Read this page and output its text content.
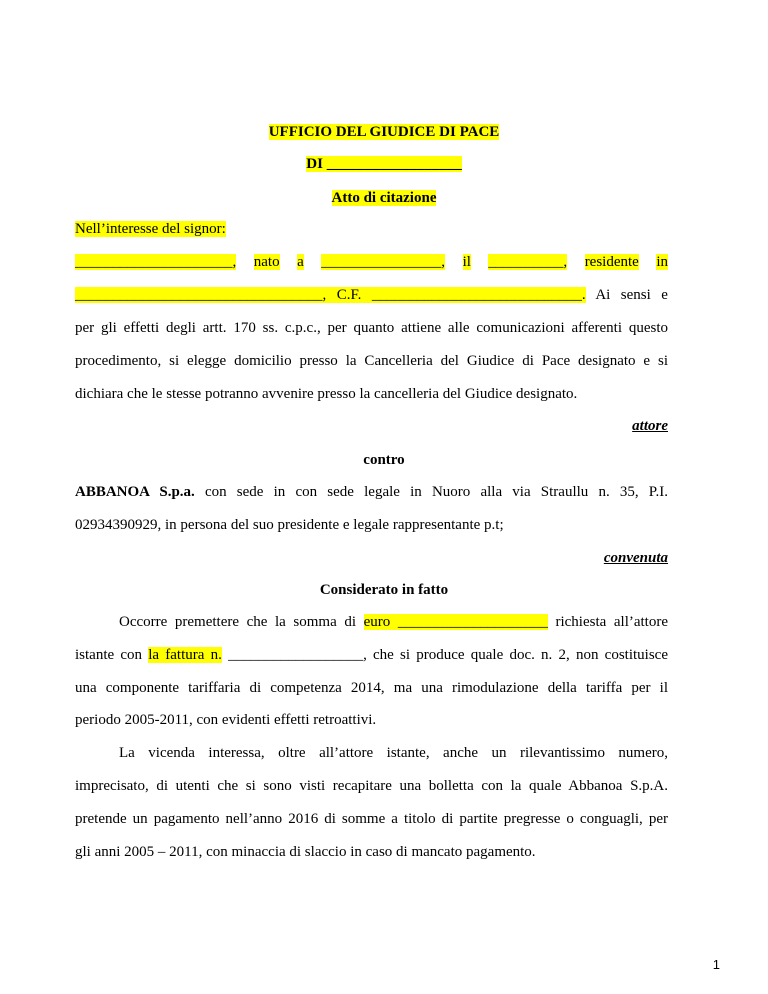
UFFICIO DEL GIUDICE DI PACE
DI __________________
Atto di citazione
Nell’interesse del signor:
_____________________, nato a ________________, il __________, residente in
_________________________________, C.F. ____________________________. Ai sensi e
per gli effetti degli artt. 170 ss. c.p.c., per quanto attiene alle comunicazioni afferenti questo
procedimento, si elegge domicilio presso la Cancelleria del Giudice di Pace designato e si
dichiara che le stesse potranno avvenire presso la cancelleria del Giudice designato.
attore
contro
ABBANOA S.p.a. con sede in con sede legale in Nuoro alla via Straullu n. 35, P.I.
02934390929, in persona del suo presidente e legale rappresentante p.t;
convenuta
Considerato in fatto
Occorre premettere che la somma di euro ____________________ richiesta all’attore
istante con la fattura n. __________________, che si produce quale doc. n. 2, non costituisce
una componente tariffaria di competenza 2014, ma una rimodulazione della tariffa per il
periodo 2005-2011, con evidenti effetti retroattivi.
La vicenda interessa, oltre all’attore istante, anche un rilevantissimo numero,
imprecisato, di utenti che si sono visti recapitare una bolletta con la quale Abbanoa S.p.A.
pretende un pagamento nell’anno 2016 di somme a titolo di partite pregresse o conguagli, per
gli anni 2005 – 2011, con minaccia di slaccio in caso di mancato pagamento.
1
